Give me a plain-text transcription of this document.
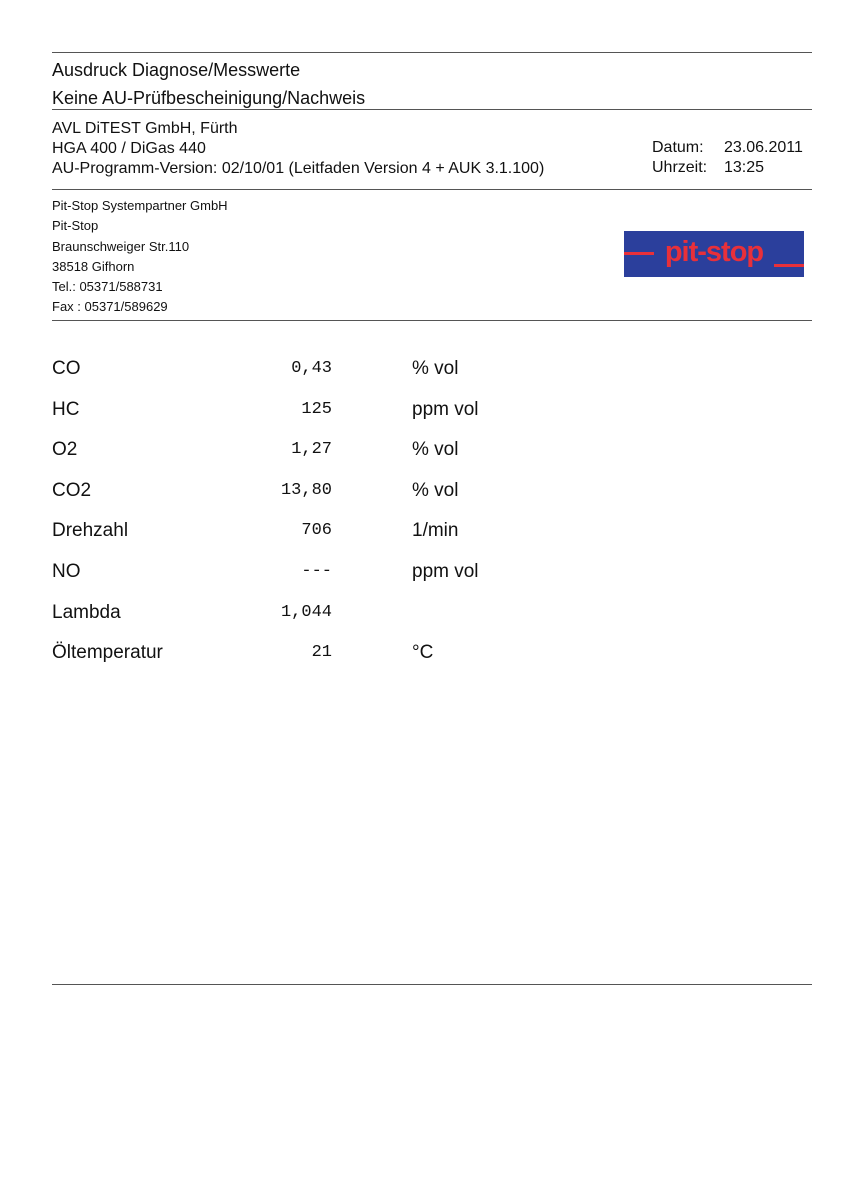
Ausdruck Diagnose/Messwerte
Keine AU-Prüfbescheinigung/Nachweis
AVL DiTEST GmbH, Fürth
HGA 400 / DiGas 440
AU-Programm-Version: 02/10/01 (Leitfaden Version 4 + AUK 3.1.100)
Datum:	23.06.2011
Uhrzeit:	13:25
Pit-Stop Systempartner GmbH
Pit-Stop
Braunschweiger Str.110
38518 Gifhorn
Tel.: 05371/588731
Fax : 05371/589629
pit-stop
CO	0,43	% vol
HC	125	ppm vol
O2	1,27	% vol
CO2	13,80	% vol
Drehzahl	706	1/min
NO	---	ppm vol
Lambda	1,044
Öltemperatur	21	°C
